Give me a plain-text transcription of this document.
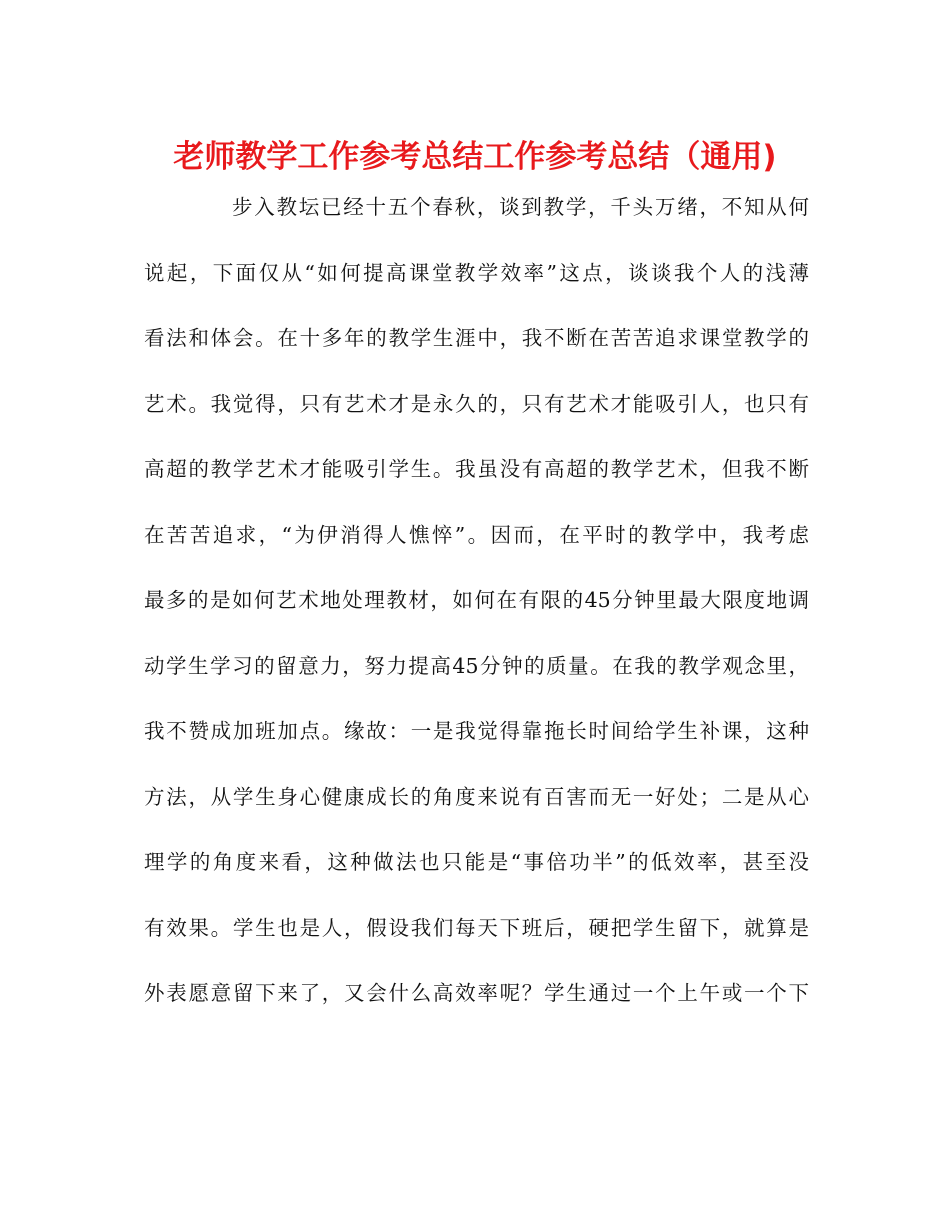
老师教学工作参考总结工作参考总结（通用)
步入教坛已经十五个春秋，谈到教学，千头万绪，不知从何
说起，下面仅从“如何提高课堂教学效率”这点，谈谈我个人的浅薄
看法和体会。在十多年的教学生涯中，我不断在苦苦追求课堂教学的
艺术。我觉得，只有艺术才是永久的，只有艺术才能吸引人，也只有
高超的教学艺术才能吸引学生。我虽没有高超的教学艺术，但我不断
在苦苦追求，“为伊消得人憔悴”。因而，在平时的教学中，我考虑
最多的是如何艺术地处理教材，如何在有限的45分钟里最大限度地调
动学生学习的留意力，努力提高45分钟的质量。在我的教学观念里，
我不赞成加班加点。缘故：一是我觉得靠拖长时间给学生补课，这种
方法，从学生身心健康成长的角度来说有百害而无一好处；二是从心
理学的角度来看，这种做法也只能是“事倍功半”的低效率，甚至没
有效果。学生也是人，假设我们每天下班后，硬把学生留下，就算是
外表愿意留下来了，又会什么高效率呢？学生通过一个上午或一个下
